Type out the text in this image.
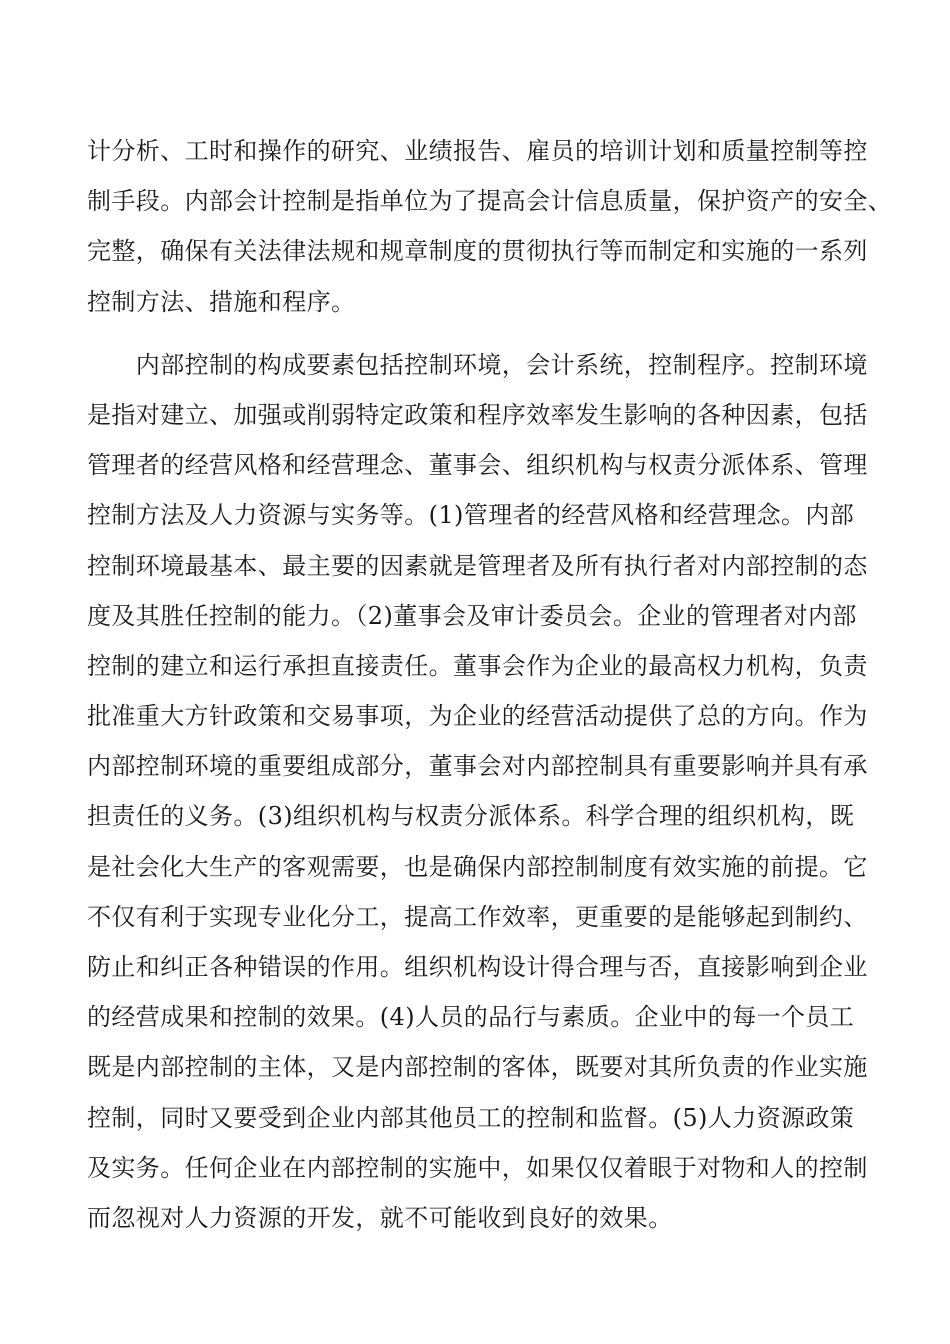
计分析、工时和操作的研究、业绩报告、雇员的培训计划和质量控制等控
制手段。内部会计控制是指单位为了提高会计信息质量，保护资产的安全、
完整，确保有关法律法规和规章制度的贯彻执行等而制定和实施的一系列
控制方法、措施和程序。
　　内部控制的构成要素包括控制环境，会计系统，控制程序。控制环境
是指对建立、加强或削弱特定政策和程序效率发生影响的各种因素，包括
管理者的经营风格和经营理念、董事会、组织机构与权责分派体系、管理
控制方法及人力资源与实务等。(1)管理者的经营风格和经营理念。内部
控制环境最基本、最主要的因素就是管理者及所有执行者对内部控制的态
度及其胜任控制的能力。（2)董事会及审计委员会。企业的管理者对内部
控制的建立和运行承担直接责任。董事会作为企业的最高权力机构，负责
批准重大方针政策和交易事项，为企业的经营活动提供了总的方向。作为
内部控制环境的重要组成部分，董事会对内部控制具有重要影响并具有承
担责任的义务。(3)组织机构与权责分派体系。科学合理的组织机构，既
是社会化大生产的客观需要，也是确保内部控制制度有效实施的前提。它
不仅有利于实现专业化分工，提高工作效率，更重要的是能够起到制约、
防止和纠正各种错误的作用。组织机构设计得合理与否，直接影响到企业
的经营成果和控制的效果。(4)人员的品行与素质。企业中的每一个员工
既是内部控制的主体，又是内部控制的客体，既要对其所负责的作业实施
控制，同时又要受到企业内部其他员工的控制和监督。(5)人力资源政策
及实务。任何企业在内部控制的实施中，如果仅仅着眼于对物和人的控制
而忽视对人力资源的开发，就不可能收到良好的效果。
